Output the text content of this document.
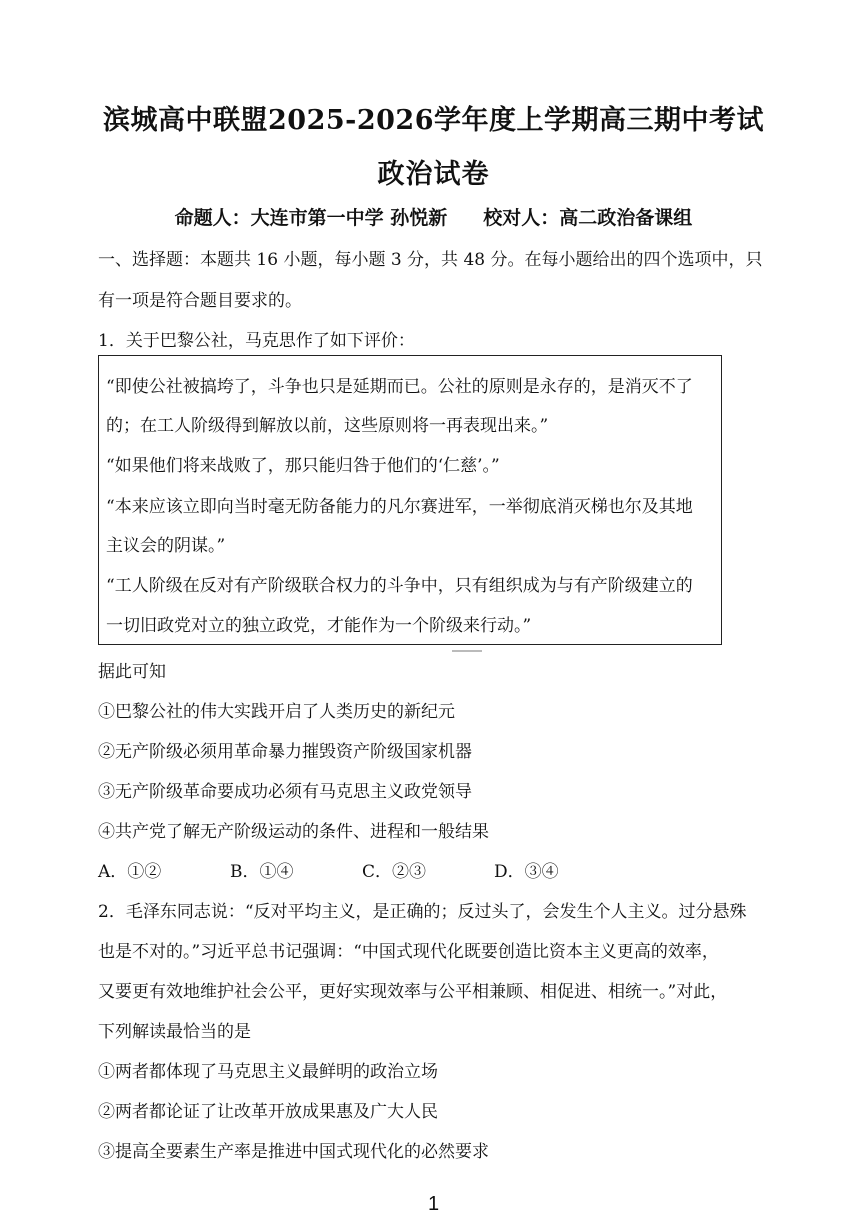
滨城高中联盟2025-2026学年度上学期高三期中考试
政治试卷
命题人：大连市第一中学 孙悦新 校对人：高二政治备课组
一、选择题：本题共 16 小题，每小题 3 分，共 48 分。在每小题给出的四个选项中，只
有一项是符合题目要求的。
1．关于巴黎公社，马克思作了如下评价：
“即使公社被搞垮了，斗争也只是延期而已。公社的原则是永存的，是消灭不了
的；在工人阶级得到解放以前，这些原则将一再表现出来。”
“如果他们将来战败了，那只能归咎于他们的‘仁慈’。”
“本来应该立即向当时毫无防备能力的凡尔赛进军，一举彻底消灭梯也尔及其地
主议会的阴谋。”
“工人阶级在反对有产阶级联合权力的斗争中，只有组织成为与有产阶级建立的
一切旧政党对立的独立政党，才能作为一个阶级来行动。”
据此可知
①巴黎公社的伟大实践开启了人类历史的新纪元
②无产阶级必须用革命暴力摧毁资产阶级国家机器
③无产阶级革命要成功必须有马克思主义政党领导
④共产党了解无产阶级运动的条件、进程和一般结果
A．①②	B．①④	C．②③	D．③④
2．毛泽东同志说：“反对平均主义，是正确的；反过头了，会发生个人主义。过分悬殊
也是不对的。”习近平总书记强调：“中国式现代化既要创造比资本主义更高的效率，
又要更有效地维护社会公平，更好实现效率与公平相兼顾、相促进、相统一。”对此，
下列解读最恰当的是
①两者都体现了马克思主义最鲜明的政治立场
②两者都论证了让改革开放成果惠及广大人民
③提高全要素生产率是推进中国式现代化的必然要求
1
